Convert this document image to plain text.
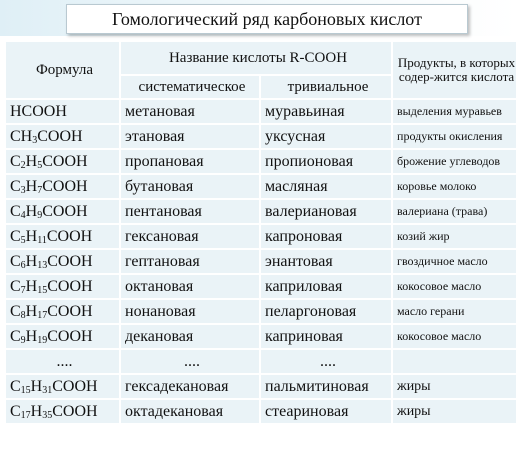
Гомологический ряд карбоновых кислот
Формула	Название кислоты R-COOH		Продукты, в которых содер-жится кислота
	систематическое	тривиальное	
HCOOH	метановая	муравьиная	выделения муравьев
$CH_3COOH$	этановая	уксусная	продукты окисления
$C_2H_5COOH$	пропановая	пропионовая	брожение углеводов
$C_3H_7COOH$	бутановая	масляная	коровье молоко
$C_4H_9COOH$	пентановая	валериановая	валериана (трава)
$C_5H_{11}COOH$	гексановая	капроновая	козий жир
$C_6H_{13}COOH$	гептановая	энантовая	гвоздичное масло
$C_7H_{15}COOH$	октановая	каприловая	кокосовое масло
$C_8H_{17}COOH$	нонановая	пеларгоновая	масло герани
$C_9H_{19}COOH$	декановая	каприновая	кокосовое масло
....	....	....	
$C_{15}H_{31}COOH$	гексадекановая	пальмитиновая	жиры
$C_{17}H_{35}COOH$	октадекановая	стеариновая	жиры
